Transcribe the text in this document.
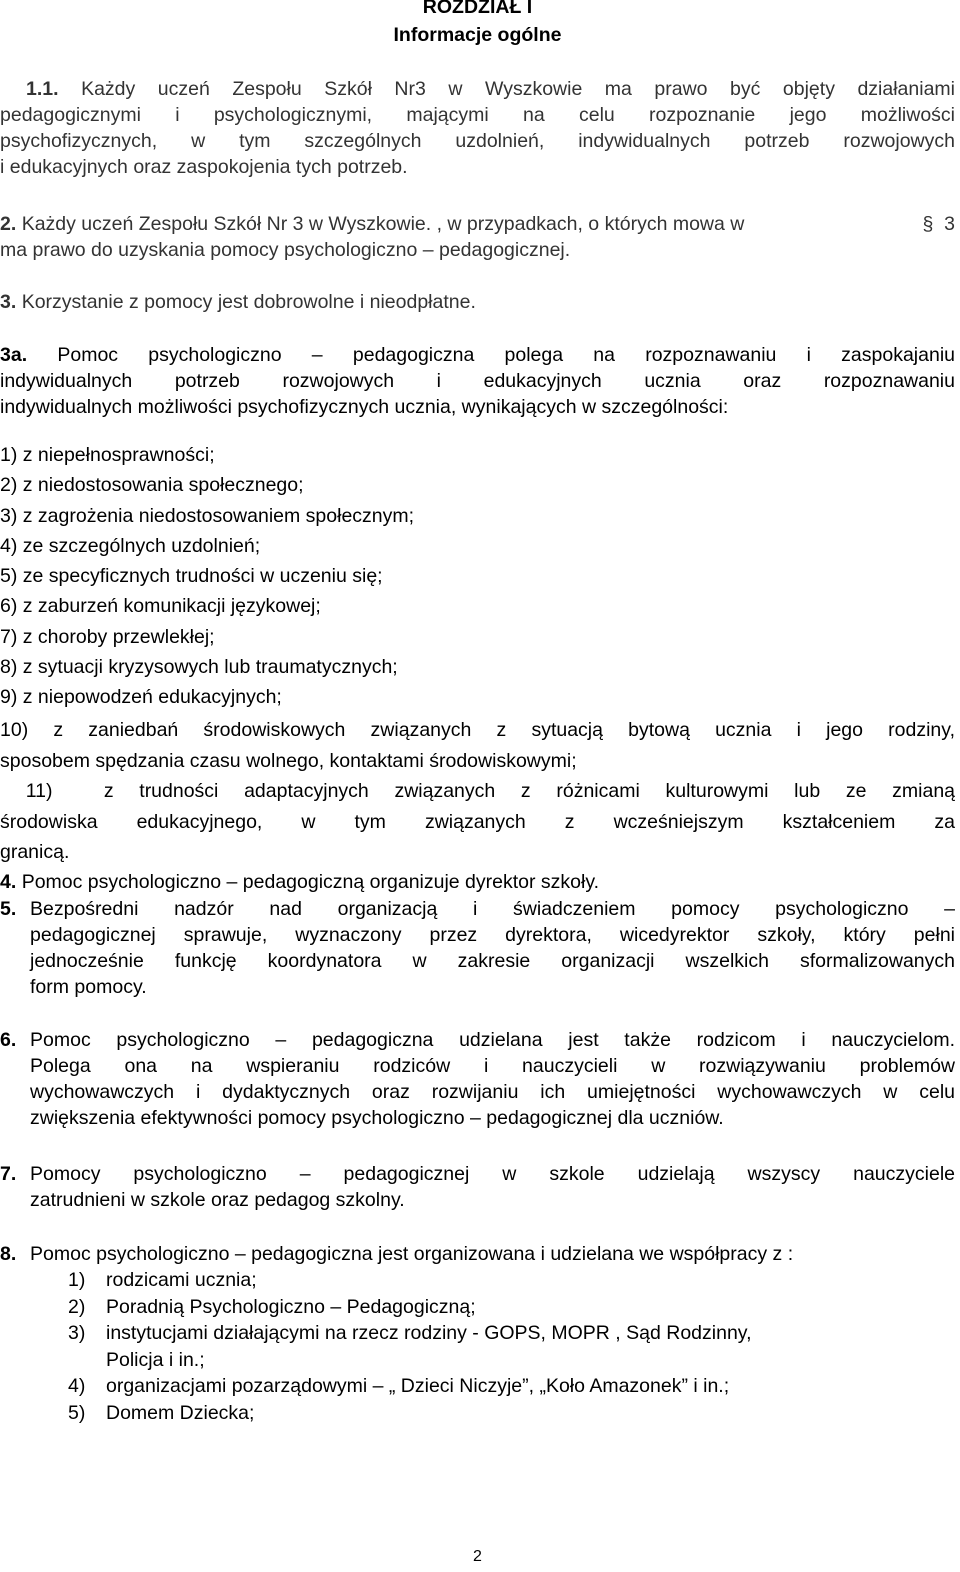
ROZDZIAŁ I
Informacje ogólne
1.1. Każdy uczeń Zespołu Szkół Nr3 w Wyszkowie ma prawo być objęty działaniami
pedagogicznymi i psychologicznymi, mającymi na celu rozpoznanie jego możliwości
psychofizycznych, w tym szczególnych uzdolnień, indywidualnych potrzeb rozwojowych
i edukacyjnych oraz zaspokojenia tych potrzeb.
2. Każdy uczeń Zespołu Szkół Nr 3 w Wyszkowie. , w przypadkach, o których mowa w	§ 3
ma prawo do uzyskania pomocy psychologiczno – pedagogicznej.
3. Korzystanie z pomocy jest dobrowolne i nieodpłatne.
3a. Pomoc psychologiczno – pedagogiczna polega na rozpoznawaniu i zaspokajaniu
indywidualnych potrzeb rozwojowych i edukacyjnych ucznia oraz rozpoznawaniu
indywidualnych możliwości psychofizycznych ucznia, wynikających w szczególności:
1) z niepełnosprawności;
2) z niedostosowania społecznego;
3) z zagrożenia niedostosowaniem społecznym;
4) ze szczególnych uzdolnień;
5) ze specyficznych trudności w uczeniu się;
6) z zaburzeń komunikacji językowej;
7) z choroby przewlekłej;
8) z sytuacji kryzysowych lub traumatycznych;
9) z niepowodzeń edukacyjnych;
10) z zaniedbań środowiskowych związanych z sytuacją bytową ucznia i jego rodziny,
sposobem spędzania czasu wolnego, kontaktami środowiskowymi;
11)  z trudności adaptacyjnych związanych z różnicami kulturowymi lub ze zmianą
środowiska edukacyjnego, w tym związanych z wcześniejszym kształceniem za
granicą.
4. Pomoc psychologiczno – pedagogiczną organizuje dyrektor szkoły.
5. Bezpośredni nadzór nad organizacją i świadczeniem pomocy psychologiczno –
pedagogicznej sprawuje, wyznaczony przez dyrektora, wicedyrektor szkoły, który pełni
jednocześnie funkcję koordynatora w zakresie organizacji wszelkich sformalizowanych
form pomocy.
6. Pomoc psychologiczno – pedagogiczna udzielana jest także rodzicom i nauczycielom.
Polega ona na wspieraniu rodziców i nauczycieli w rozwiązywaniu problemów
wychowawczych i dydaktycznych oraz rozwijaniu ich umiejętności wychowawczych w celu
zwiększenia efektywności pomocy psychologiczno – pedagogicznej dla uczniów.
7. Pomocy psychologiczno – pedagogicznej w szkole udzielają wszyscy nauczyciele
zatrudnieni w szkole oraz pedagog szkolny.
8. Pomoc psychologiczno – pedagogiczna jest organizowana i udzielana we współpracy z :
1) rodzicami ucznia;
2) Poradnią Psychologiczno – Pedagogiczną;
3) instytucjami działającymi na rzecz rodziny - GOPS, MOPR , Sąd Rodzinny,
Policja i in.;
4) organizacjami pozarządowymi – „ Dzieci Niczyje”, „Koło Amazonek” i in.;
5) Domem Dziecka;
2
